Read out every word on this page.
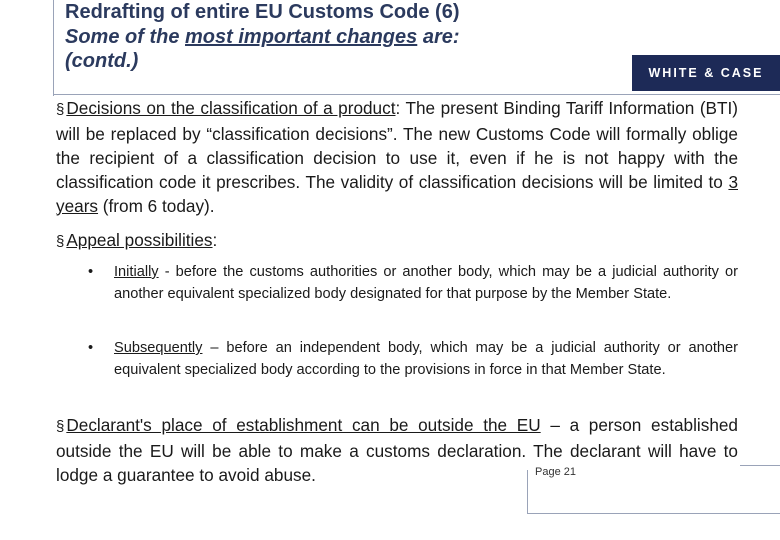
Redrafting of entire EU Customs Code (6)
Some of the most important changes are:
(contd.)
WHITE & CASE
§ Decisions on the classification of a product: The present Binding Tariff Information (BTI) will be replaced by “classification decisions”. The new Customs Code will formally oblige the recipient of a classification decision to use it, even if he is not happy with the classification code it prescribes. The validity of classification decisions will be limited to 3 years (from 6 today).
§ Appeal possibilities:
•	Initially - before the customs authorities or another body, which may be a judicial authority or another equivalent specialized body designated for that purpose by the Member State.
•	Subsequently – before an independent body, which may be a judicial authority or another equivalent specialized body according to the provisions in force in that Member State.
§ Declarant's place of establishment can be outside the EU – a person established outside the EU will be able to make a customs declaration. The declarant will have to lodge a guarantee to avoid abuse.	Page 21
